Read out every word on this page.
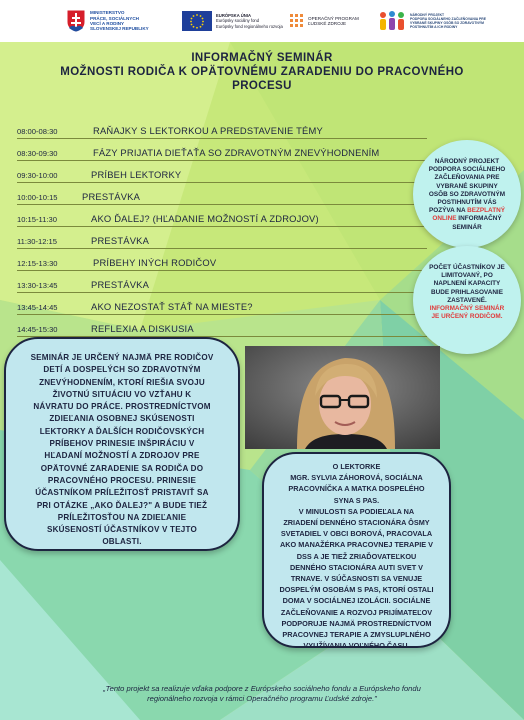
MINISTERSTVO
PRÁCE, SOCIÁLNYCH
VECÍ A RODINY
SLOVENSKEJ REPUBLIKY
EURÓPSKA ÚNIA
Európsky sociálny fond
Európsky fond regionálneho rozvoja
OPERAČNÝ PROGRAM
ĽUDSKÉ ZDROJE
NÁRODNÝ PROJEKT
PODPORA SOCIÁLNEHO ZAČLEŇOVANIA PRE
VYBRANÉ SKUPINY OSÔB SO ZDRAVOTNÝM
POSTIHNUTÍM A ICH RODINY
INFORMAČNÝ SEMINÁR
MOŽNOSTI RODIČA K OPÄTOVNÉMU ZARADENIU DO PRACOVNÉHO
PROCESU
08:00-08:30	RAŇAJKY S LEKTORKOU A PREDSTAVENIE TÉMY
08:30-09:30	FÁZY PRIJATIA DIEŤAŤA SO ZDRAVOTNÝM ZNEVÝHODNENÍM
09:30-10:00	PRÍBEH LEKTORKY
10:00-10:15	PRESTÁVKA
10:15-11:30	AKO ĎALEJ? (HĽADANIE MOŽNOSTÍ A ZDROJOV)
11:30-12:15	PRESTÁVKA
12:15-13:30	PRÍBEHY INÝCH RODIČOV
13:30-13:45	PRESTÁVKA
13:45-14:45	AKO NEZOSTAŤ STÁŤ NA MIESTE?
14:45-15:30	REFLEXIA A DISKUSIA
NÁRODNÝ PROJEKT
PODPORA SOCIÁLNEHO
ZAČLEŇOVANIA PRE
VYBRANÉ SKUPINY
OSÔB SO ZDRAVOTNÝM
POSTIHNUTÍM VÁS
POZÝVA NA BEZPLATNÝ
ONLINE INFORMAČNÝ
SEMINÁR
POČET ÚČASTNÍKOV JE
LIMITOVANÝ, PO
NAPLNENÍ KAPACITY
BUDE PRIHLASOVANIE
ZASTAVENÉ.
INFORMAČNÝ SEMINÁR
JE URČENÝ RODIČOM.
SEMINÁR JE URČENÝ NAJMÄ PRE RODIČOV
DETÍ A DOSPELÝCH SO ZDRAVOTNÝM
ZNEVÝHODNENÍM, KTORÍ RIEŠIA SVOJU
ŽIVOTNÚ SITUÁCIU VO VZŤAHU K
NÁVRATU DO PRÁCE. PROSTREDNÍCTVOM
ZDIEĽANIA OSOBNEJ SKÚSENOSTI
LEKTORKY A ĎALŠÍCH RODIČOVSKÝCH
PRÍBEHOV PRINESIE INŠPIRÁCIU V
HĽADANÍ MOŽNOSTÍ A ZDROJOV PRE
OPÄTOVNÉ ZARADENIE SA RODIČA DO
PRACOVNÉHO PROCESU. PRINESIE
ÚČASTNÍKOM PRÍLEŽITOSŤ PRISTAVIŤ SA
PRI OTÁZKE „AKO ĎALEJ?" A BUDE TIEŽ
PRÍLEŽITOSŤOU NA ZDIEĽANIE
SKÚSENOSTÍ ÚČASTNÍKOV V TEJTO
OBLASTI.
O LEKTORKE
MGR. SYLVIA ZÁHOROVÁ, SOCIÁLNA
PRACOVNÍČKA A MATKA DOSPELÉHO
SYNA S PAS.
V MINULOSTI SA PODIEĽALA NA
ZRIADENÍ DENNÉHO STACIONÁRA ÔSMY
SVETADIEL V OBCI BOROVÁ, PRACOVALA
AKO MANAŽÉRKA PRACOVNEJ TERAPIE V
DSS A JE TIEŽ ZRIAĎOVATEĽKOU
DENNÉHO STACIONÁRA AUTI SVET V
TRNAVE. V SÚČASNOSTI SA VENUJE
DOSPELÝM OSOBÁM S PAS, KTORÍ OSTALI
DOMA V SOCIÁLNEJ IZOLÁCII. SOCIÁLNE
ZAČLEŇOVANIE A ROZVOJ PRIJÍMATEĽOV
PODPORUJE NAJMÄ PROSTREDNÍCTVOM
PRACOVNEJ TERAPIE A ZMYSLUPLNÉHO
VYUŽÍVANIA VOĽNÉHO ČASU.
„Tento projekt sa realizuje vďaka podpore z Európskeho sociálneho fondu a Európskeho fondu
regionálneho rozvoja v rámci Operačného programu Ľudské zdroje."
